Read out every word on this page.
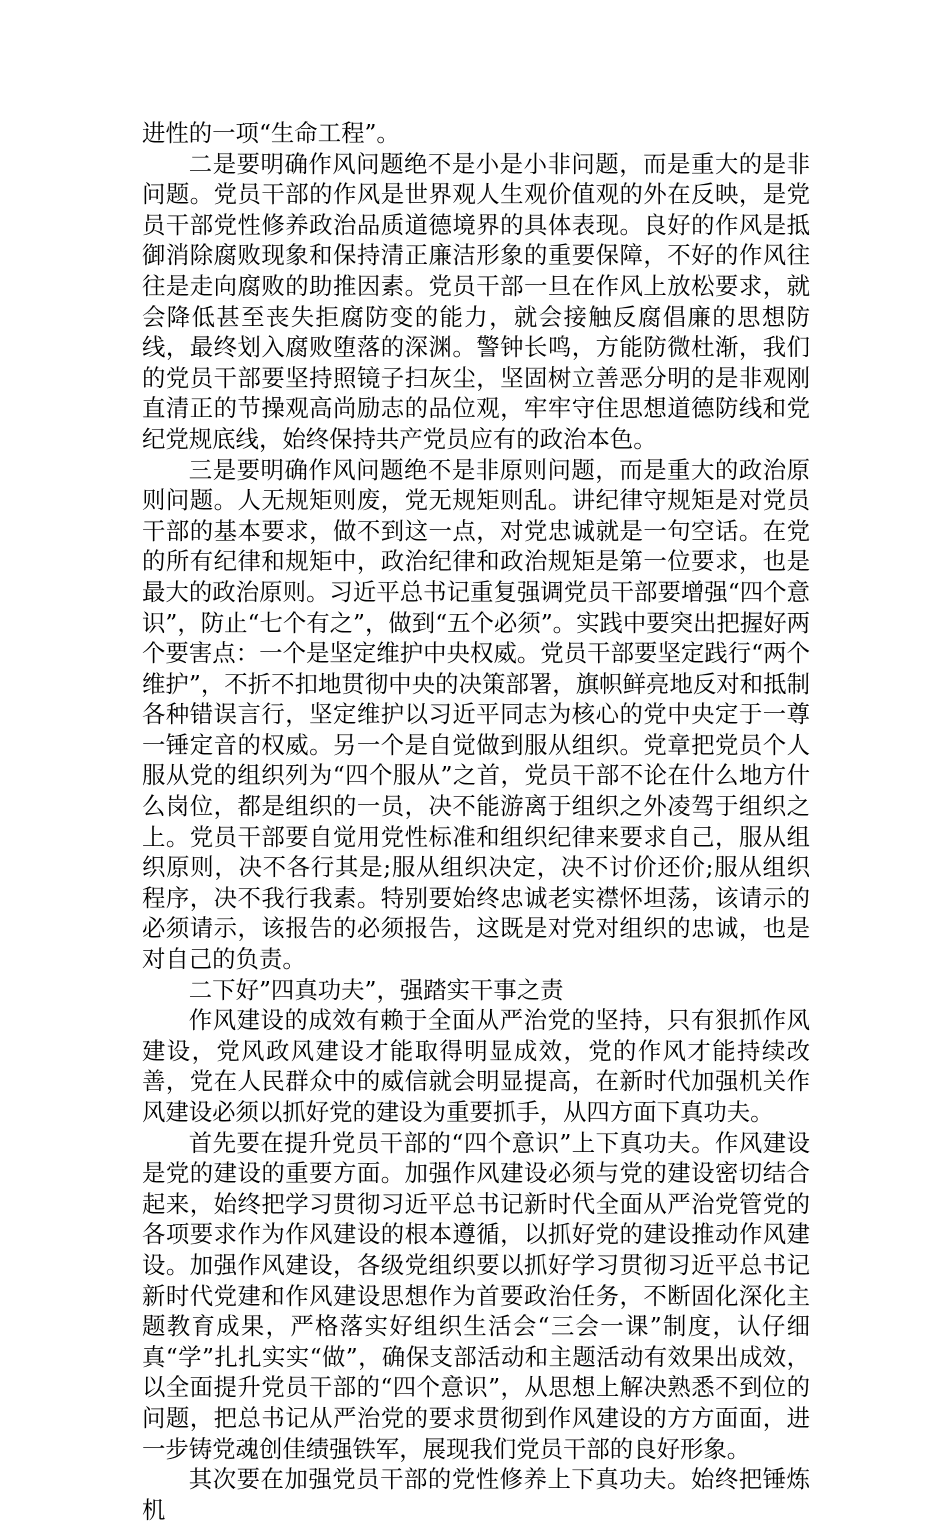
进性的一项“生命工程”。

二是要明确作风问题绝不是小是小非问题，而是重大的是非问题。党员干部的作风是世界观人生观价值观的外在反映，是党员干部党性修养政治品质道德境界的具体表现。良好的作风是抵御消除腐败现象和保持清正廉洁形象的重要保障，不好的作风往往是走向腐败的助推因素。党员干部一旦在作风上放松要求，就会降低甚至丧失拒腐防变的能力，就会接触反腐倡廉的思想防线，最终划入腐败堕落的深渊。警钟长鸣，方能防微杜渐，我们的党员干部要坚持照镜子扫灰尘，坚固树立善恶分明的是非观刚直清正的节操观高尚励志的品位观，牢牢守住思想道德防线和党纪党规底线，始终保持共产党员应有的政治本色。

三是要明确作风问题绝不是非原则问题，而是重大的政治原则问题。人无规矩则废，党无规矩则乱。讲纪律守规矩是对党员干部的基本要求，做不到这一点，对党忠诚就是一句空话。在党的所有纪律和规矩中，政治纪律和政治规矩是第一位要求，也是最大的政治原则。习近平总书记重复强调党员干部要增强“四个意识”，防止“七个有之”，做到“五个必须”。实践中要突出把握好两个要害点：一个是坚定维护中央权威。党员干部要坚定践行“两个维护”，不折不扣地贯彻中央的决策部署，旗帜鲜亮地反对和抵制各种错误言行，坚定维护以习近平同志为核心的党中央定于一尊一锤定音的权威。另一个是自觉做到服从组织。党章把党员个人服从党的组织列为“四个服从”之首，党员干部不论在什么地方什么岗位，都是组织的一员，决不能游离于组织之外凌驾于组织之上。党员干部要自觉用党性标准和组织纪律来要求自己，服从组织原则，决不各行其是;服从组织决定，决不讨价还价;服从组织程序，决不我行我素。特别要始终忠诚老实襟怀坦荡，该请示的必须请示，该报告的必须报告，这既是对党对组织的忠诚，也是对自己的负责。

二下好”四真功夫”，强踏实干事之责

作风建设的成效有赖于全面从严治党的坚持，只有狠抓作风建设，党风政风建设才能取得明显成效，党的作风才能持续改善，党在人民群众中的威信就会明显提高，在新时代加强机关作风建设必须以抓好党的建设为重要抓手，从四方面下真功夫。

首先要在提升党员干部的“四个意识”上下真功夫。作风建设是党的建设的重要方面。加强作风建设必须与党的建设密切结合起来，始终把学习贯彻习近平总书记新时代全面从严治党管党的各项要求作为作风建设的根本遵循，以抓好党的建设推动作风建设。加强作风建设，各级党组织要以抓好学习贯彻习近平总书记新时代党建和作风建设思想作为首要政治任务，不断固化深化主题教育成果，严格落实好组织生活会“三会一课”制度，认仔细真“学”扎扎实实“做”，确保支部活动和主题活动有效果出成效，以全面提升党员干部的“四个意识”，从思想上解决熟悉不到位的问题，把总书记从严治党的要求贯彻到作风建设的方方面面，进一步铸党魂创佳绩强铁军，展现我们党员干部的良好形象。

其次要在加强党员干部的党性修养上下真功夫。始终把锤炼机
